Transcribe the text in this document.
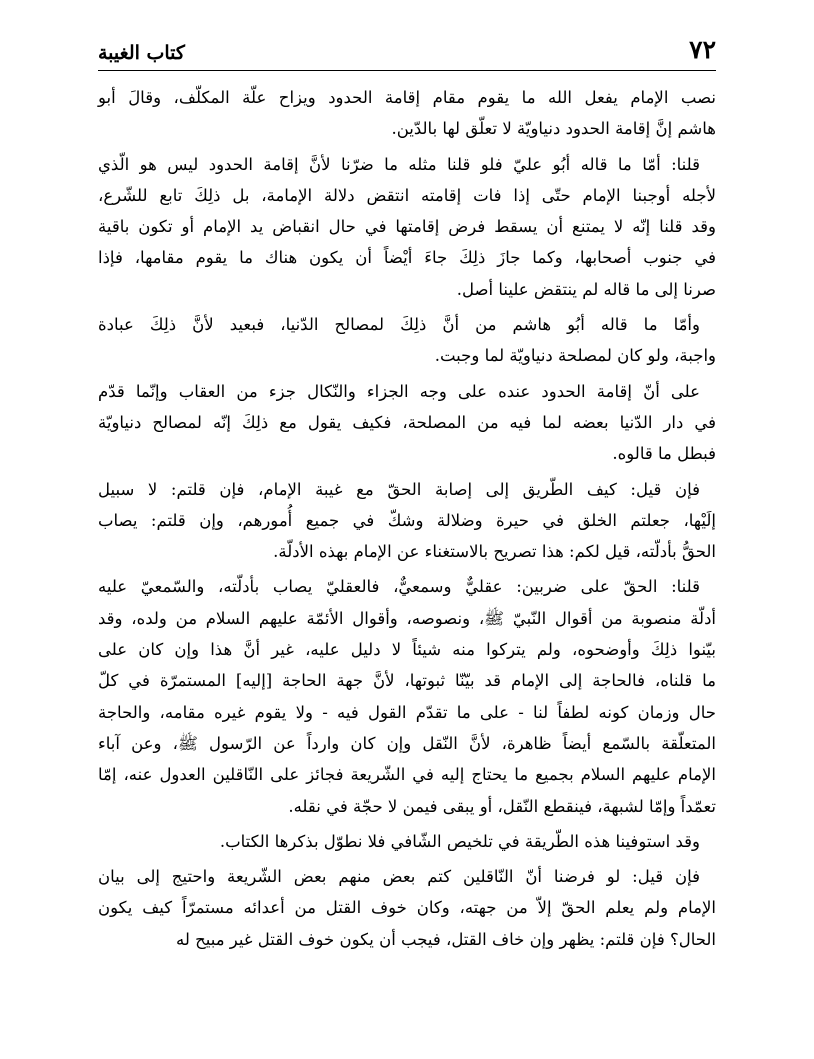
٧٢
كتاب الغيبة

نصب الإمام يفعل الله ما يقوم مقام إقامة الحدود ويزاح علّة المكلّف، وقالَ أبو
هاشم إنَّ إقامة الحدود دنياويّة لا تعلّق لها بالدّين.

قلنا: أمّا ما قاله أبُو عليّ فلو قلنا مثله ما ضرّنا لأنَّ إقامة الحدود ليس هو الّذي
لأجله أوجبنا الإمام حتّى إذا فات إقامته انتقض دلالة الإمامة، بل ذلِكَ تابع للشّرع،
وقد قلنا إنّه لا يمتنع أن يسقط فرض إقامتها في حال انقباض يد الإمام أو تكون باقية
في جنوب أصحابها، وكما جازَ ذلِكَ جاءَ أيْضاً أن يكون هناك ما يقوم مقامها، فإذا
صرنا إلى ما قاله لم ينتقض علينا أصل.

وأمّا ما قاله أبُو هاشم من أنَّ ذلِكَ لمصالح الدّنيا، فبعيد لأنَّ ذلِكَ عبادة
واجبة، ولو كان لمصلحة دنياويّة لما وجبت.

على أنّ إقامة الحدود عنده على وجه الجزاء والنّكال جزء من العقاب وإنّما قدّم
في دار الدّنيا بعضه لما فيه من المصلحة، فكيف يقول مع ذلِكَ إنّه لمصالح دنياويّة
فبطل ما قالوه.

فإن قيل: كيف الطّريق إلى إصابة الحقّ مع غيبة الإمام، فإن قلتم: لا سبيل
إلَيْها، جعلتم الخلق في حيرة وضلالة وشكّ في جميع أُمورهم، وإن قلتم: يصاب
الحقُّ بأدلّته، قيل لكم: هذا تصريح بالاستغناء عن الإمام بهذه الأدلّة.

قلنا: الحقّ على ضربين: عقليٌّ وسمعيٌّ، فالعقليّ يصاب بأدلّته، والسّمعيّ عليه
أدلّة منصوبة من أقوال النّبيّ ﷺ، ونصوصه، وأقوال الأئمّة عليهم السلام من ولده، وقد
بيّنوا ذلِكَ وأوضحوه، ولم يتركوا منه شيئاً لا دليل عليه، غير أنَّ هذا وإن كان على
ما قلناه، فالحاجة إلى الإمام قد بيّنّا ثبوتها، لأنَّ جهة الحاجة [إليه] المستمرّة في كلّ
حال وزمان كونه لطفاً لنا - على ما تقدّم القول فيه - ولا يقوم غيره مقامه، والحاجة
المتعلّقة بالسّمع أيضاً ظاهرة، لأنَّ النّقل وإن كان وارداً عن الرّسول ﷺ، وعن آباء
الإمام عليهم السلام بجميع ما يحتاج إليه في الشّريعة فجائز على النّاقلين العدول عنه، إمّا
تعمّداً وإمّا لشبهة، فينقطع النّقل، أو يبقى فيمن لا حجّة في نقله.

وقد استوفينا هذه الطّريقة في تلخيص الشّافي فلا نطوّل بذكرها الكتاب.

فإن قيل: لو فرضنا أنّ النّاقلين كتم بعض منهم بعض الشّريعة واحتيج إلى بيان
الإمام ولم يعلم الحقّ إلاّ من جهته، وكان خوف القتل من أعدائه مستمرّاً كيف يكون
الحال؟ فإن قلتم: يظهر وإن خاف القتل، فيجب أن يكون خوف القتل غير مبيح له
